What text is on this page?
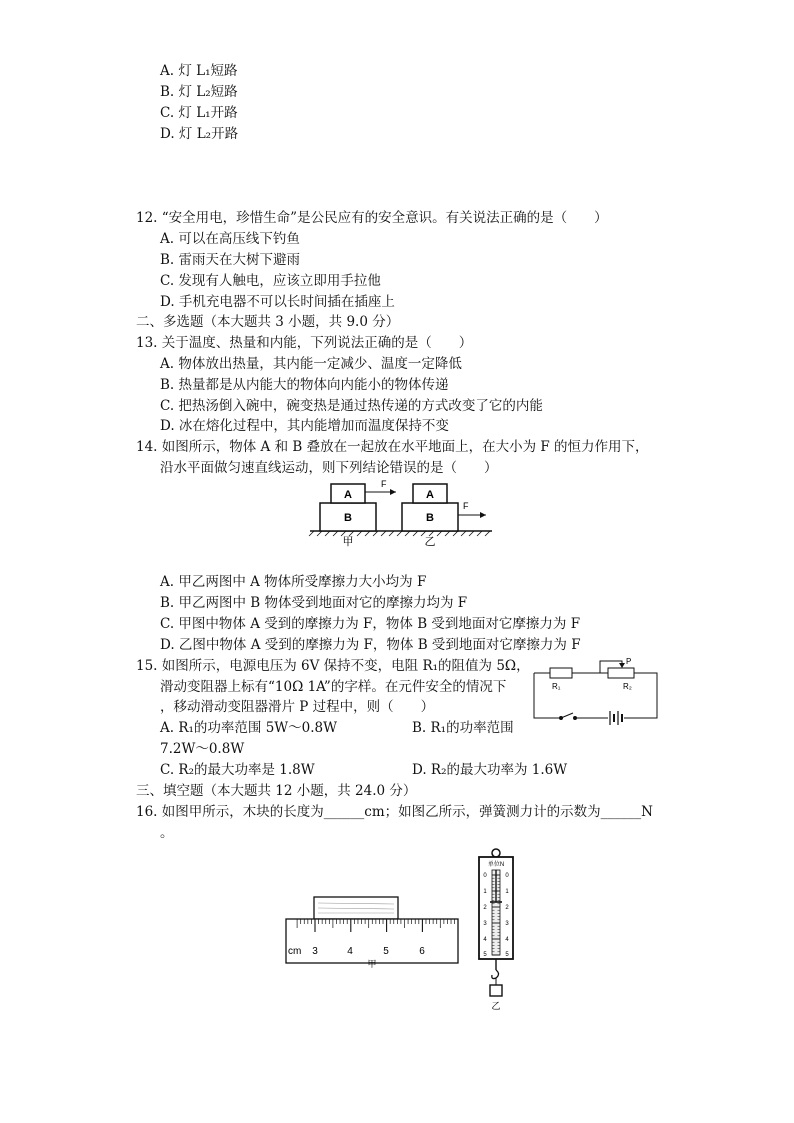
A. 灯 L₁短路
B. 灯 L₂短路
C. 灯 L₁开路
D. 灯 L₂开路
12. “安全用电，珍惜生命”是公民应有的安全意识。有关说法正确的是（　　）
A. 可以在高压线下钓鱼
B. 雷雨天在大树下避雨
C. 发现有人触电，应该立即用手拉他
D. 手机充电器不可以长时间插在插座上
二、多选题（本大题共 3 小题，共 9.0 分）
13. 关于温度、热量和内能，下列说法正确的是（　　）
A. 物体放出热量，其内能一定减少、温度一定降低
B. 热量都是从内能大的物体向内能小的物体传递
C. 把热汤倒入碗中，碗变热是通过热传递的方式改变了它的内能
D. 冰在熔化过程中，其内能增加而温度保持不变
14. 如图所示，物体 A 和 B 叠放在一起放在水平地面上，在大小为 F 的恒力作用下，
沿水平面做匀速直线运动，则下列结论错误的是（　　）
B
A
F
B
A
F
甲	乙
A. 甲乙两图中 A 物体所受摩擦力大小均为 F
B. 甲乙两图中 B 物体受到地面对它的摩擦力均为 F
C. 甲图中物体 A 受到的摩擦力为 F，物体 B 受到地面对它摩擦力为 F
D. 乙图中物体 A 受到的摩擦力为 F，物体 B 受到地面对它摩擦力为 F
15. 如图所示，电源电压为 6V 保持不变，电阻 R₁的阻值为 5Ω，
滑动变阻器上标有“10Ω 1A”的字样。在元件安全的情况下
，移动滑动变阻器滑片 P 过程中，则（　　）
A. R₁的功率范围 5W～0.8W	B. R₁的功率范围
7.2W～0.8W
C. R₂的最大功率是 1.8W	D. R₂的最大功率为 1.6W
P
R₁	R₂
三、填空题（本大题共 12 小题，共 24.0 分）
16. 如图甲所示，木块的长度为______cm；如图乙所示，弹簧测力计的示数为______N
。
cm 3	4	5	6
甲
单位N
0
1
2
3
4
5
0
1
2
3
4
5
乙
